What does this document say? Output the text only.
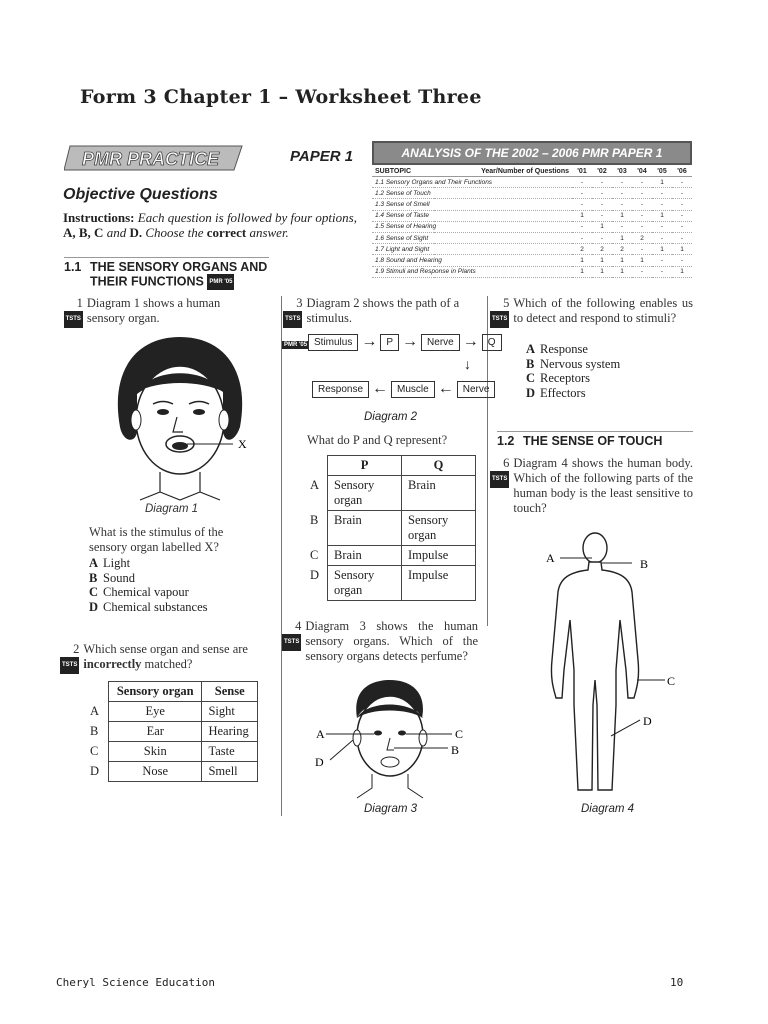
Form 3 Chapter 1 – Worksheet Three
PMR PRACTICE	PAPER 1	ANALYSIS OF THE 2002 – 2006 PMR PAPER 1
SUBTOPIC	Year/Number of Questions	'01	'02	'03	'04	'05	'06
1.1 Sensory Organs and Their Functions		-	-	-	-	1	-
1.2 Sense of Touch		-	-	-	-	-	-
1.3 Sense of Smell		-	-	-	-	-	-
1.4 Sense of Taste		1	-	1	-	1	-
1.5 Sense of Hearing		-	1	-	-	-	-
1.6 Sense of Sight		-	-	1	2	-	-
1.7 Light and Sight		2	2	2	-	1	1
1.8 Sound and Hearing		1	1	1	1	-	-
1.9 Stimuli and Response in Plants		1	1	1	-	-	1
Objective Questions
Instructions: Each question is followed by four options,
A, B, C and D. Choose the correct answer.
1.1 THE SENSORY ORGANS AND
THEIR FUNCTIONS PMR '05
1
TSTS
Diagram 1 shows a human sensory organ.
X
Diagram 1
What is the stimulus of the sensory organ labelled X?
A Light
B Sound
C Chemical vapour
D Chemical substances
2
TSTS
Which sense organ and sense are incorrectly matched?
	Sensory organ	Sense
A	Eye	Sight
B	Ear	Hearing
C	Skin	Taste
D	Nose	Smell
3
TSTS
Diagram 2 shows the path of a stimulus.
PMR '05 Stimulus → P → Nerve → Q
↓
Response ← Muscle ← Nerve
Diagram 2
What do P and Q represent?
	P	Q
A	Sensory organ	Brain
B	Brain	Sensory organ
C	Brain	Impulse
D	Sensory organ	Impulse
4
TSTS
Diagram 3 shows the human sensory organs. Which of the sensory organs detects perfume?
A
B
C
D
Diagram 3
5
TSTS
Which of the following enables us to detect and respond to stimuli?
A Response
B Nervous system
C Receptors
D Effectors
1.2 THE SENSE OF TOUCH
6
TSTS
Diagram 4 shows the human body. Which of the following parts of the human body is the least sensitive to touch?
A	B
C
D
Diagram 4
Cheryl Science Education	10
